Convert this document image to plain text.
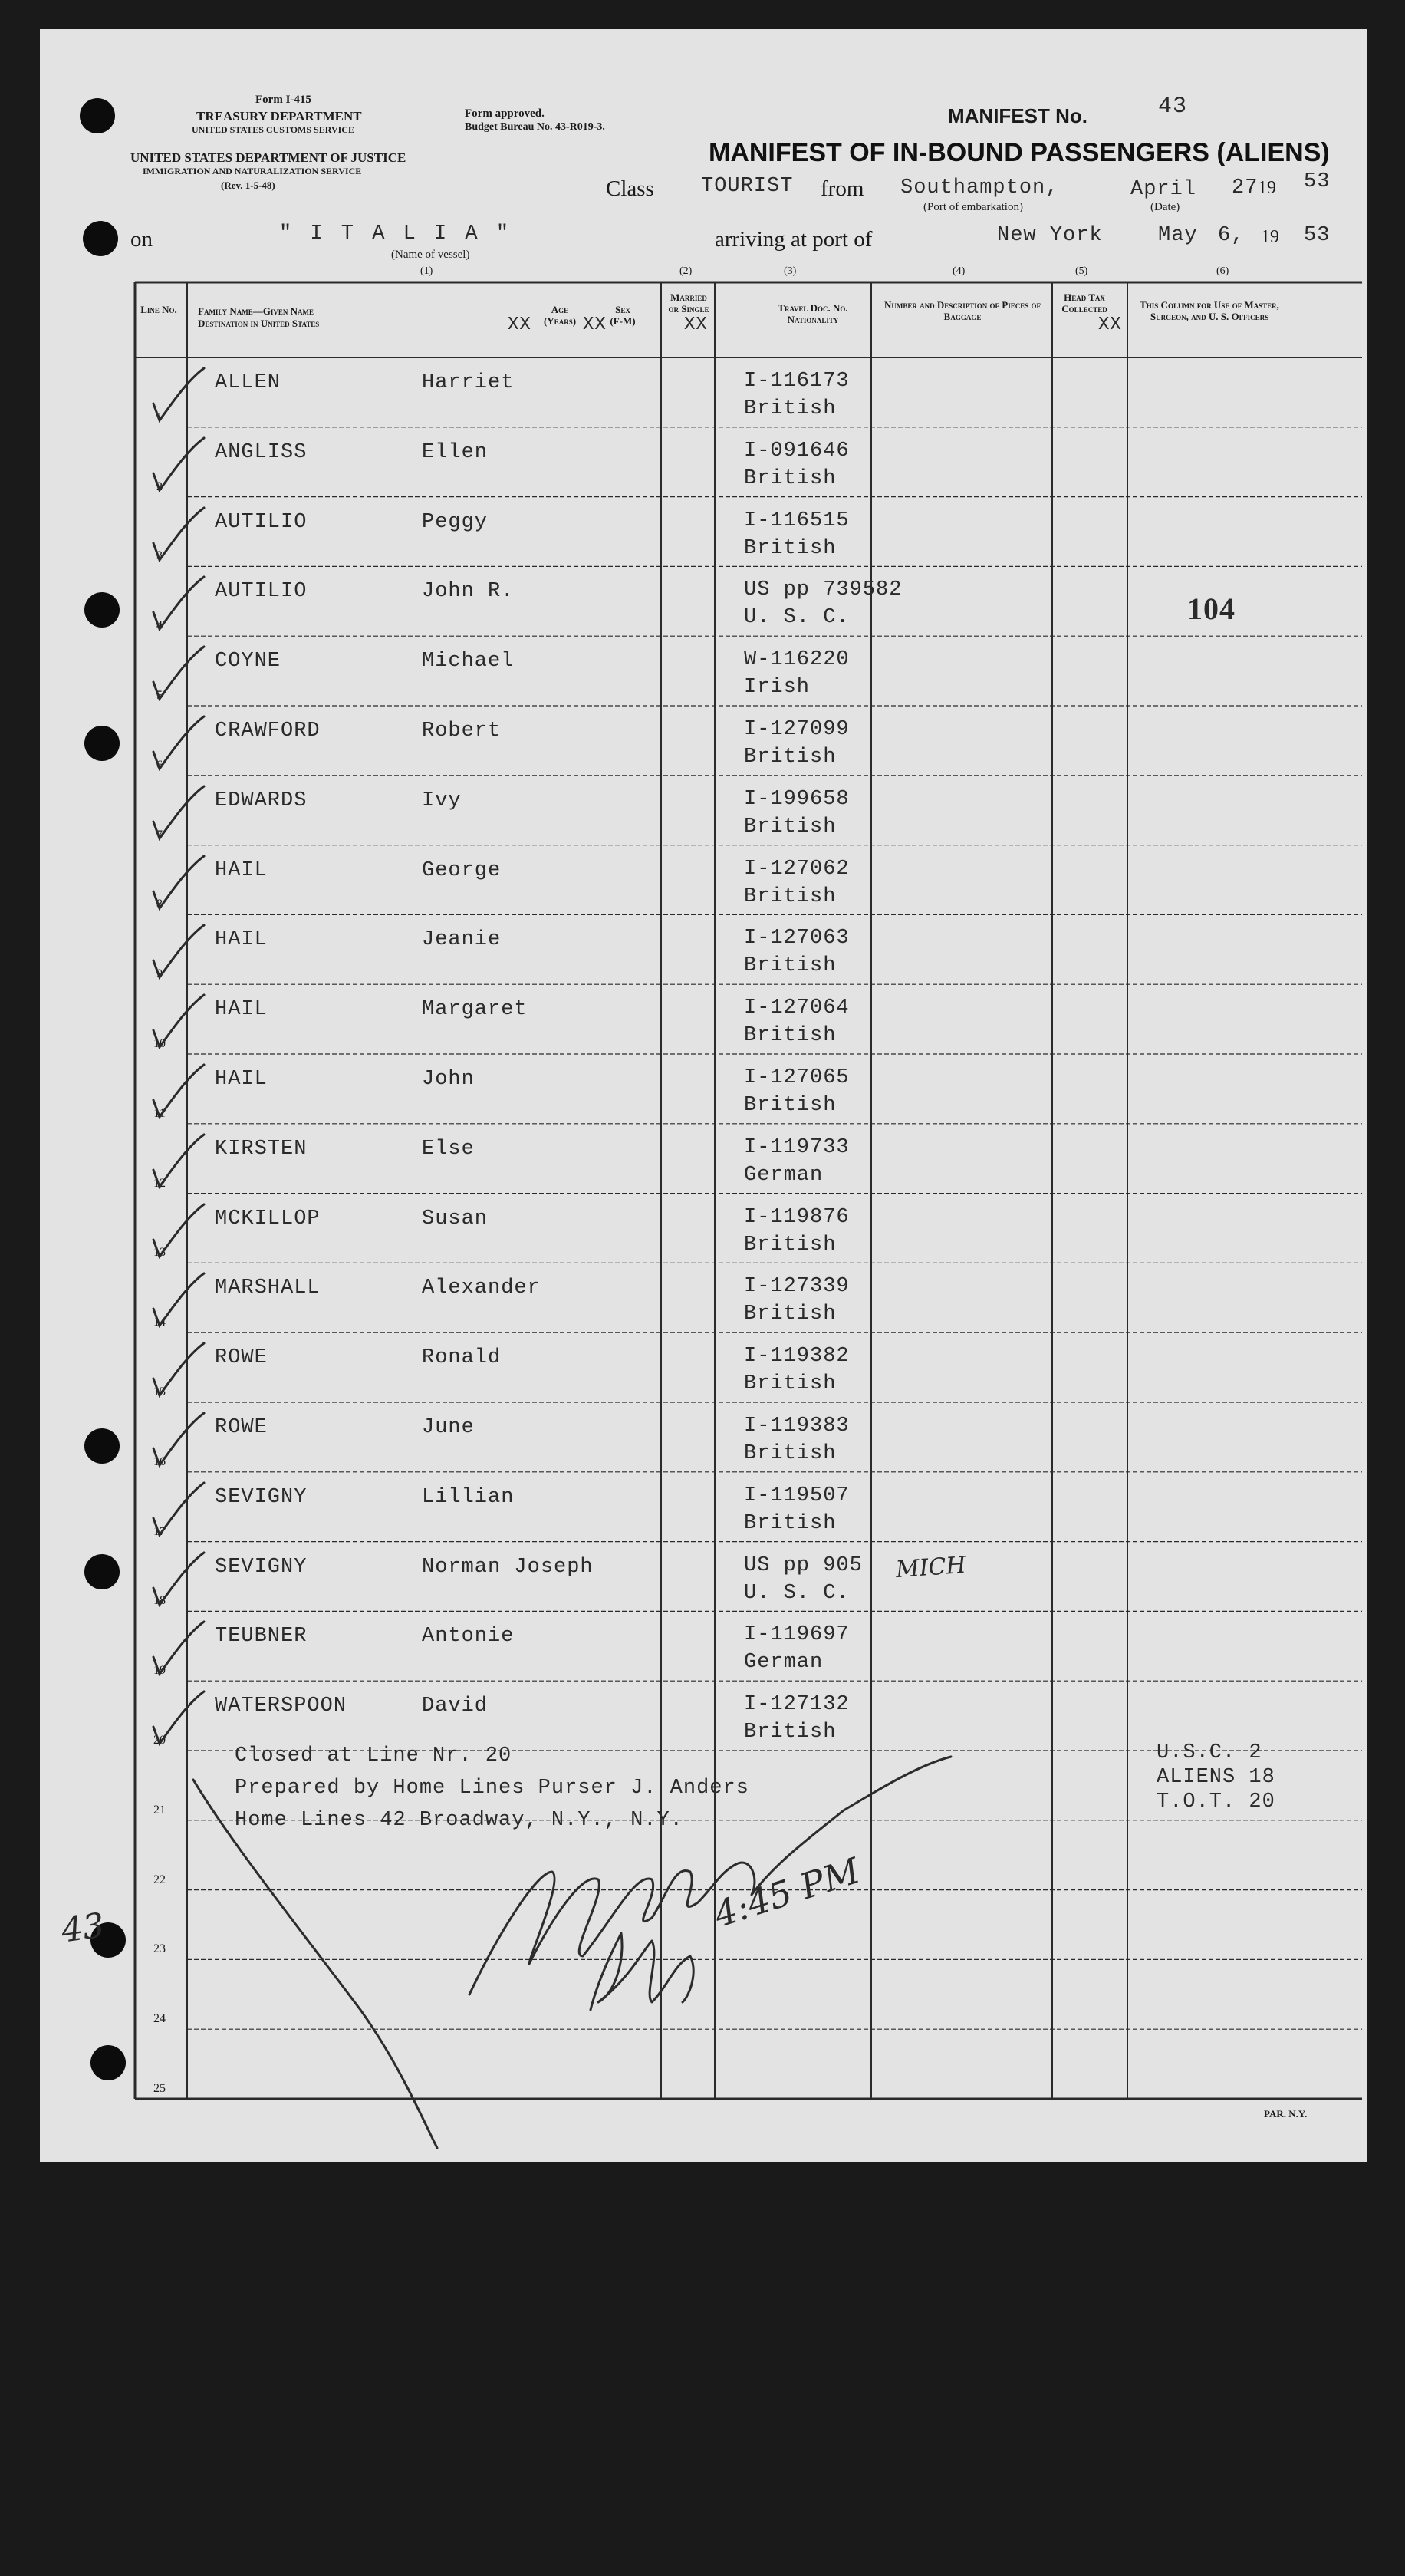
Form I-415
TREASURY DEPARTMENT
UNITED STATES CUSTOMS SERVICE
UNITED STATES DEPARTMENT OF JUSTICE
IMMIGRATION AND NATURALIZATION SERVICE
(Rev. 1-5-48)
Form approved.
Budget Bureau No. 43-R019-3.	MANIFEST No.	43
MANIFEST OF IN-BOUND PASSENGERS (ALIENS)
Class TOURIST from Southampton,
(Port of embarkation)
April 27 19 53
(Date)
on	" I T A L I A "
(Name of vessel)
arriving at port of	New York	May 6, 19 53
(1)	(2)	(3)	(4)	(5)	(6)
Line No. Family Name—Given Name
Destination in United States
Age (Years)
Sex (F-M)
Married or Single	Travel Doc. No. Nationality
Number and Description of Pieces of Baggage
Head Tax Collected	This Column for Use of Master, Surgeon, and U. S. Officers
XX	XX	XX	XX
1
ALLEN	Harriet	I-116173
British
2
ANGLISS	Ellen	I-091646
British
3
AUTILIO	Peggy	I-116515
British
4
AUTILIO	John R.	US pp 739582
U. S. C.
5
COYNE	Michael	W-116220
Irish
6
CRAWFORD	Robert	I-127099
British
7
EDWARDS	Ivy	I-199658
British
8
HAIL	George	I-127062
British
9
HAIL	Jeanie	I-127063
British
10
HAIL	Margaret	I-127064
British
11
HAIL	John	I-127065
British
12
KIRSTEN	Else	I-119733
German
13
MCKILLOP	Susan	I-119876
British
14
MARSHALL	Alexander	I-127339
British
15
ROWE	Ronald	I-119382
British
16
ROWE	June	I-119383
British
17
SEVIGNY	Lillian	I-119507
British
18
SEVIGNY	Norman Joseph	US pp 905
U. S. C.
19
TEUBNER	Antonie	I-119697
German
20
WATERSPOON	David	I-127132
British
21
22
23
24
25
104
MICH
43	4:45 PM
Closed at Line Nr. 20
Prepared by Home Lines Purser J. Anders
Home Lines 42 Broadway, N.Y., N.Y.
U.S.C. 2
ALIENS 18
T.O.T. 20
PAR. N.Y.
